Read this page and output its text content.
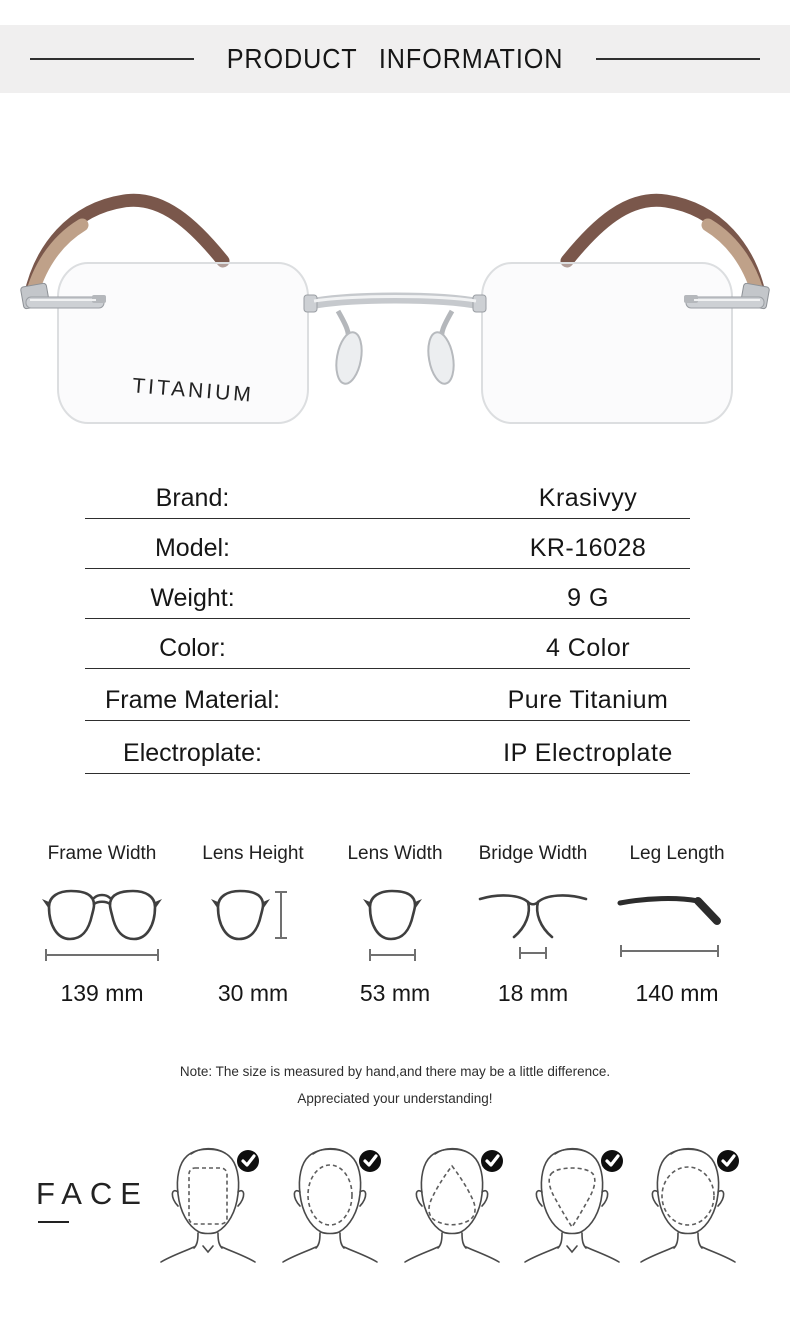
PRODUCT INFORMATION
TITANIUM
Brand:	Krasivyy
Model:	KR-16028
Weight:	9 G
Color:	4 Color
Frame Material:	Pure Titanium
Electroplate:	IP Electroplate
Frame Width
139 mm
Lens Height
30 mm
Lens Width
53 mm
Bridge Width
18 mm
Leg Length
140 mm
Note: The size is measured by hand,and there may be a little difference.
Appreciated your understanding!
FACE
